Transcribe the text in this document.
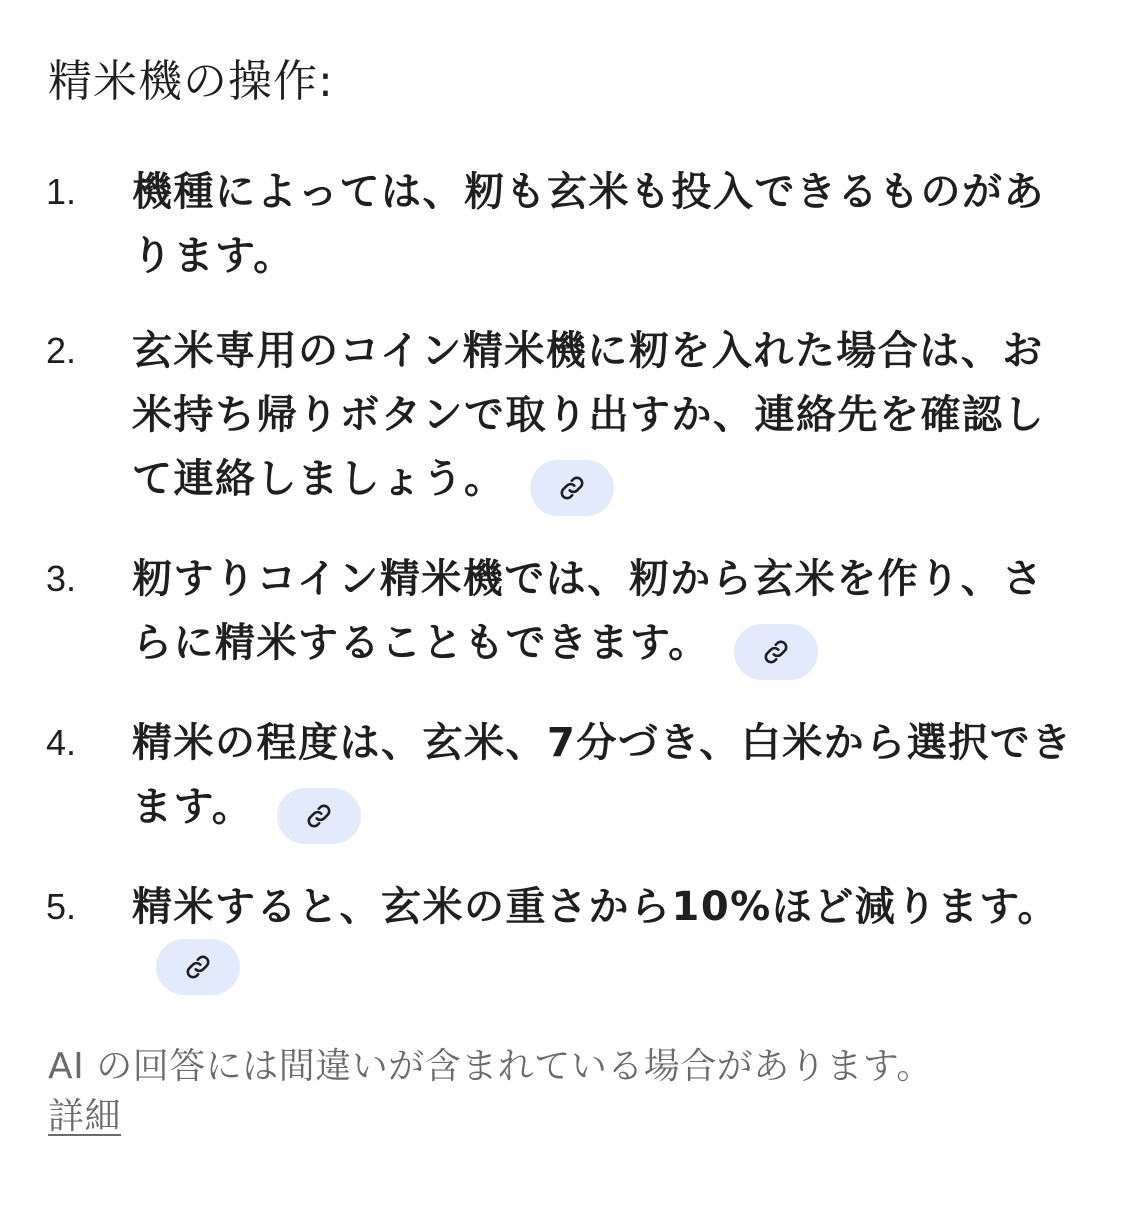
精米機の操作:
1. 機種によっては、籾も玄米も投入できるものがあります。
2. 玄米専用のコイン精米機に籾を入れた場合は、お米持ち帰りボタンで取り出すか、連絡先を確認して連絡しましょう。
3. 籾すりコイン精米機では、籾から玄米を作り、さらに精米することもできます。
4. 精米の程度は、玄米、7分づき、白米から選択できます。
5. 精米すると、玄米の重さから10%ほど減ります。
AI の回答には間違いが含まれている場合があります。
詳細
